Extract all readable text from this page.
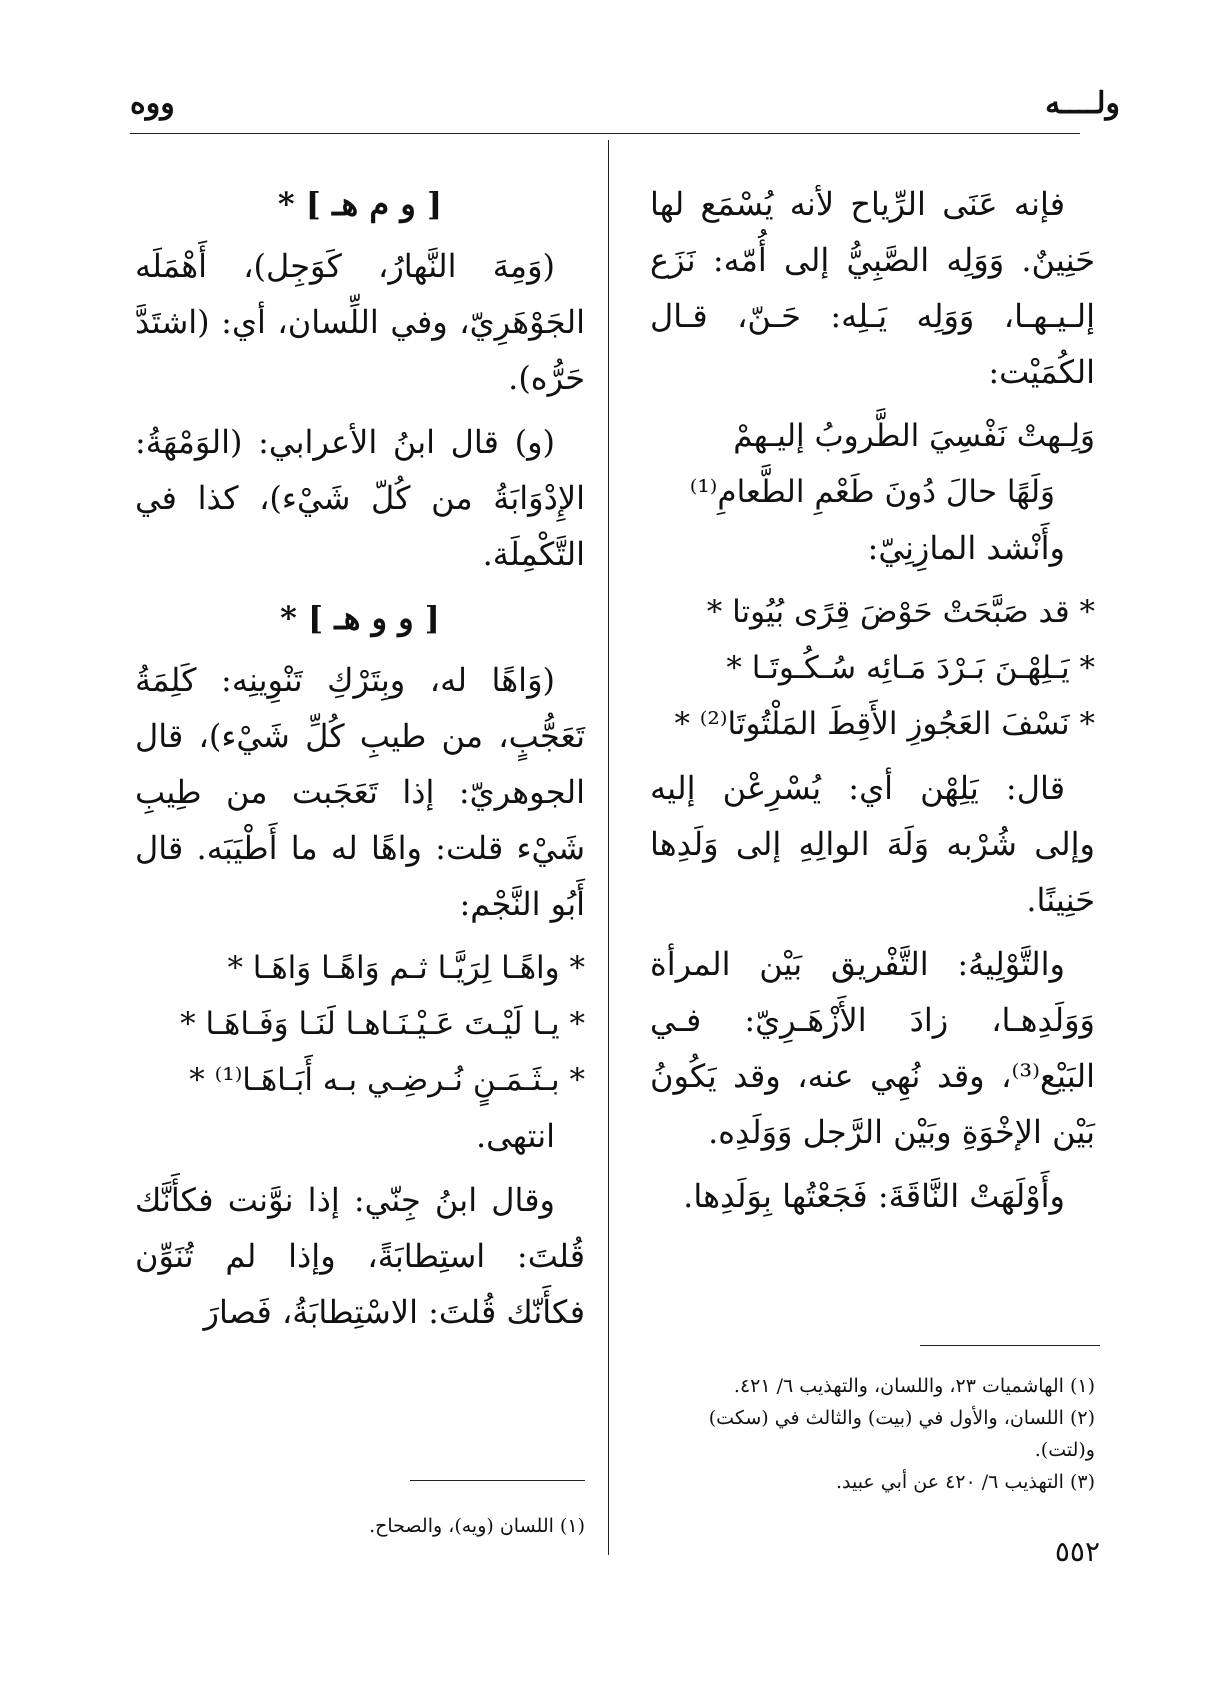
ولــــه
ووه

فإنه عَنَى الرِّياح لأنه يُسْمَع لها حَنِينٌ. وَوَلِه الصَّبِيُّ إلى أُمّه: نَزَع إلـيـهـا، وَوَلِه يَـلِه: حَـنّ، قـال الكُمَيْت:

وَلِـهتْ نَفْسِيَ الطَّروبُ إليـهمْ

وَلَهًا حالَ دُونَ طَعْمِ الطَّعامِ⁽¹⁾

وأَنْشد المازِنِيّ:

* قد صَبَّحَتْ حَوْضَ قِرًى بُيُوتا *

* يَـلِهْـنَ بَـرْدَ مَـائِه سُـكُـوتَـا *

* نَسْفَ العَجُوزِ الأَقِطَ المَلْتُوتَا⁽²⁾ *

قال: يَلِهْن أي: يُسْرِعْن إليه وإلى شُرْبه وَلَهَ الوالِهِ إلى وَلَدِها حَنِينًا.

والتَّوْلِيهُ: التَّفْريق بَيْن المرأة وَوَلَدِهـا، زادَ الأَزْهَـرِيّ: فـي البَيْع⁽³⁾، وقد نُهِي عنه، وقد يَكُونُ بَيْن الإخْوَةِ وبَيْن الرَّجل وَوَلَدِه.

وأَوْلَهَتْ النَّاقَةَ: فَجَعْتُها بِوَلَدِها.

(١) الهاشميات ٢٣، واللسان، والتهذيب ٦/ ٤٢١.

(٢) اللسان، والأول في (بيت) والثالث في (سكت) و(لتت).

(٣) التهذيب ٦/ ٤٢٠ عن أبي عبيد.

[ و م هـ ] *

(وَمِهَ النَّهارُ، كَوَجِل)، أَهْمَلَه الجَوْهَرِيّ، وفي اللِّسان، أي: (اشتَدَّ حَرُّه).

(و) قال ابنُ الأعرابي: (الوَمْهَةُ: الإِدْوَابَةُ من كُلّ شَيْء)، كذا في التَّكْمِلَة.

[ و و هـ ] *

(وَاهًا له، وبِتَرْكِ تَنْوِينِه: كَلِمَةُ تَعَجُّبٍ، من طيبِ كُلِّ شَيْء)، قال الجوهريّ: إذا تَعَجَبت من طِيبِ شَيْء قلت: واهًا له ما أَطْيَبَه. قال أَبُو النَّجْم:

* واهًـا لِرَيَّـا ثـم وَاهًـا وَاهَـا *

* يـا لَيْـتَ عَـيْـنَـاهـا لَنَـا وَفَـاهَـا *

* بـثَـمَـنٍ نُـرضِـي بـه أَبَـاهَـا⁽¹⁾ *

انتهى.

وقال ابنُ جِنّي: إذا نوَّنت فكأَنَّك قُلتَ: استِطابَةً، وإذا لم تُنَوِّن فكأَنّك قُلتَ: الاسْتِطابَةُ، فَصارَ

(١) اللسان (ويه)، والصحاح.

٥٥٢
